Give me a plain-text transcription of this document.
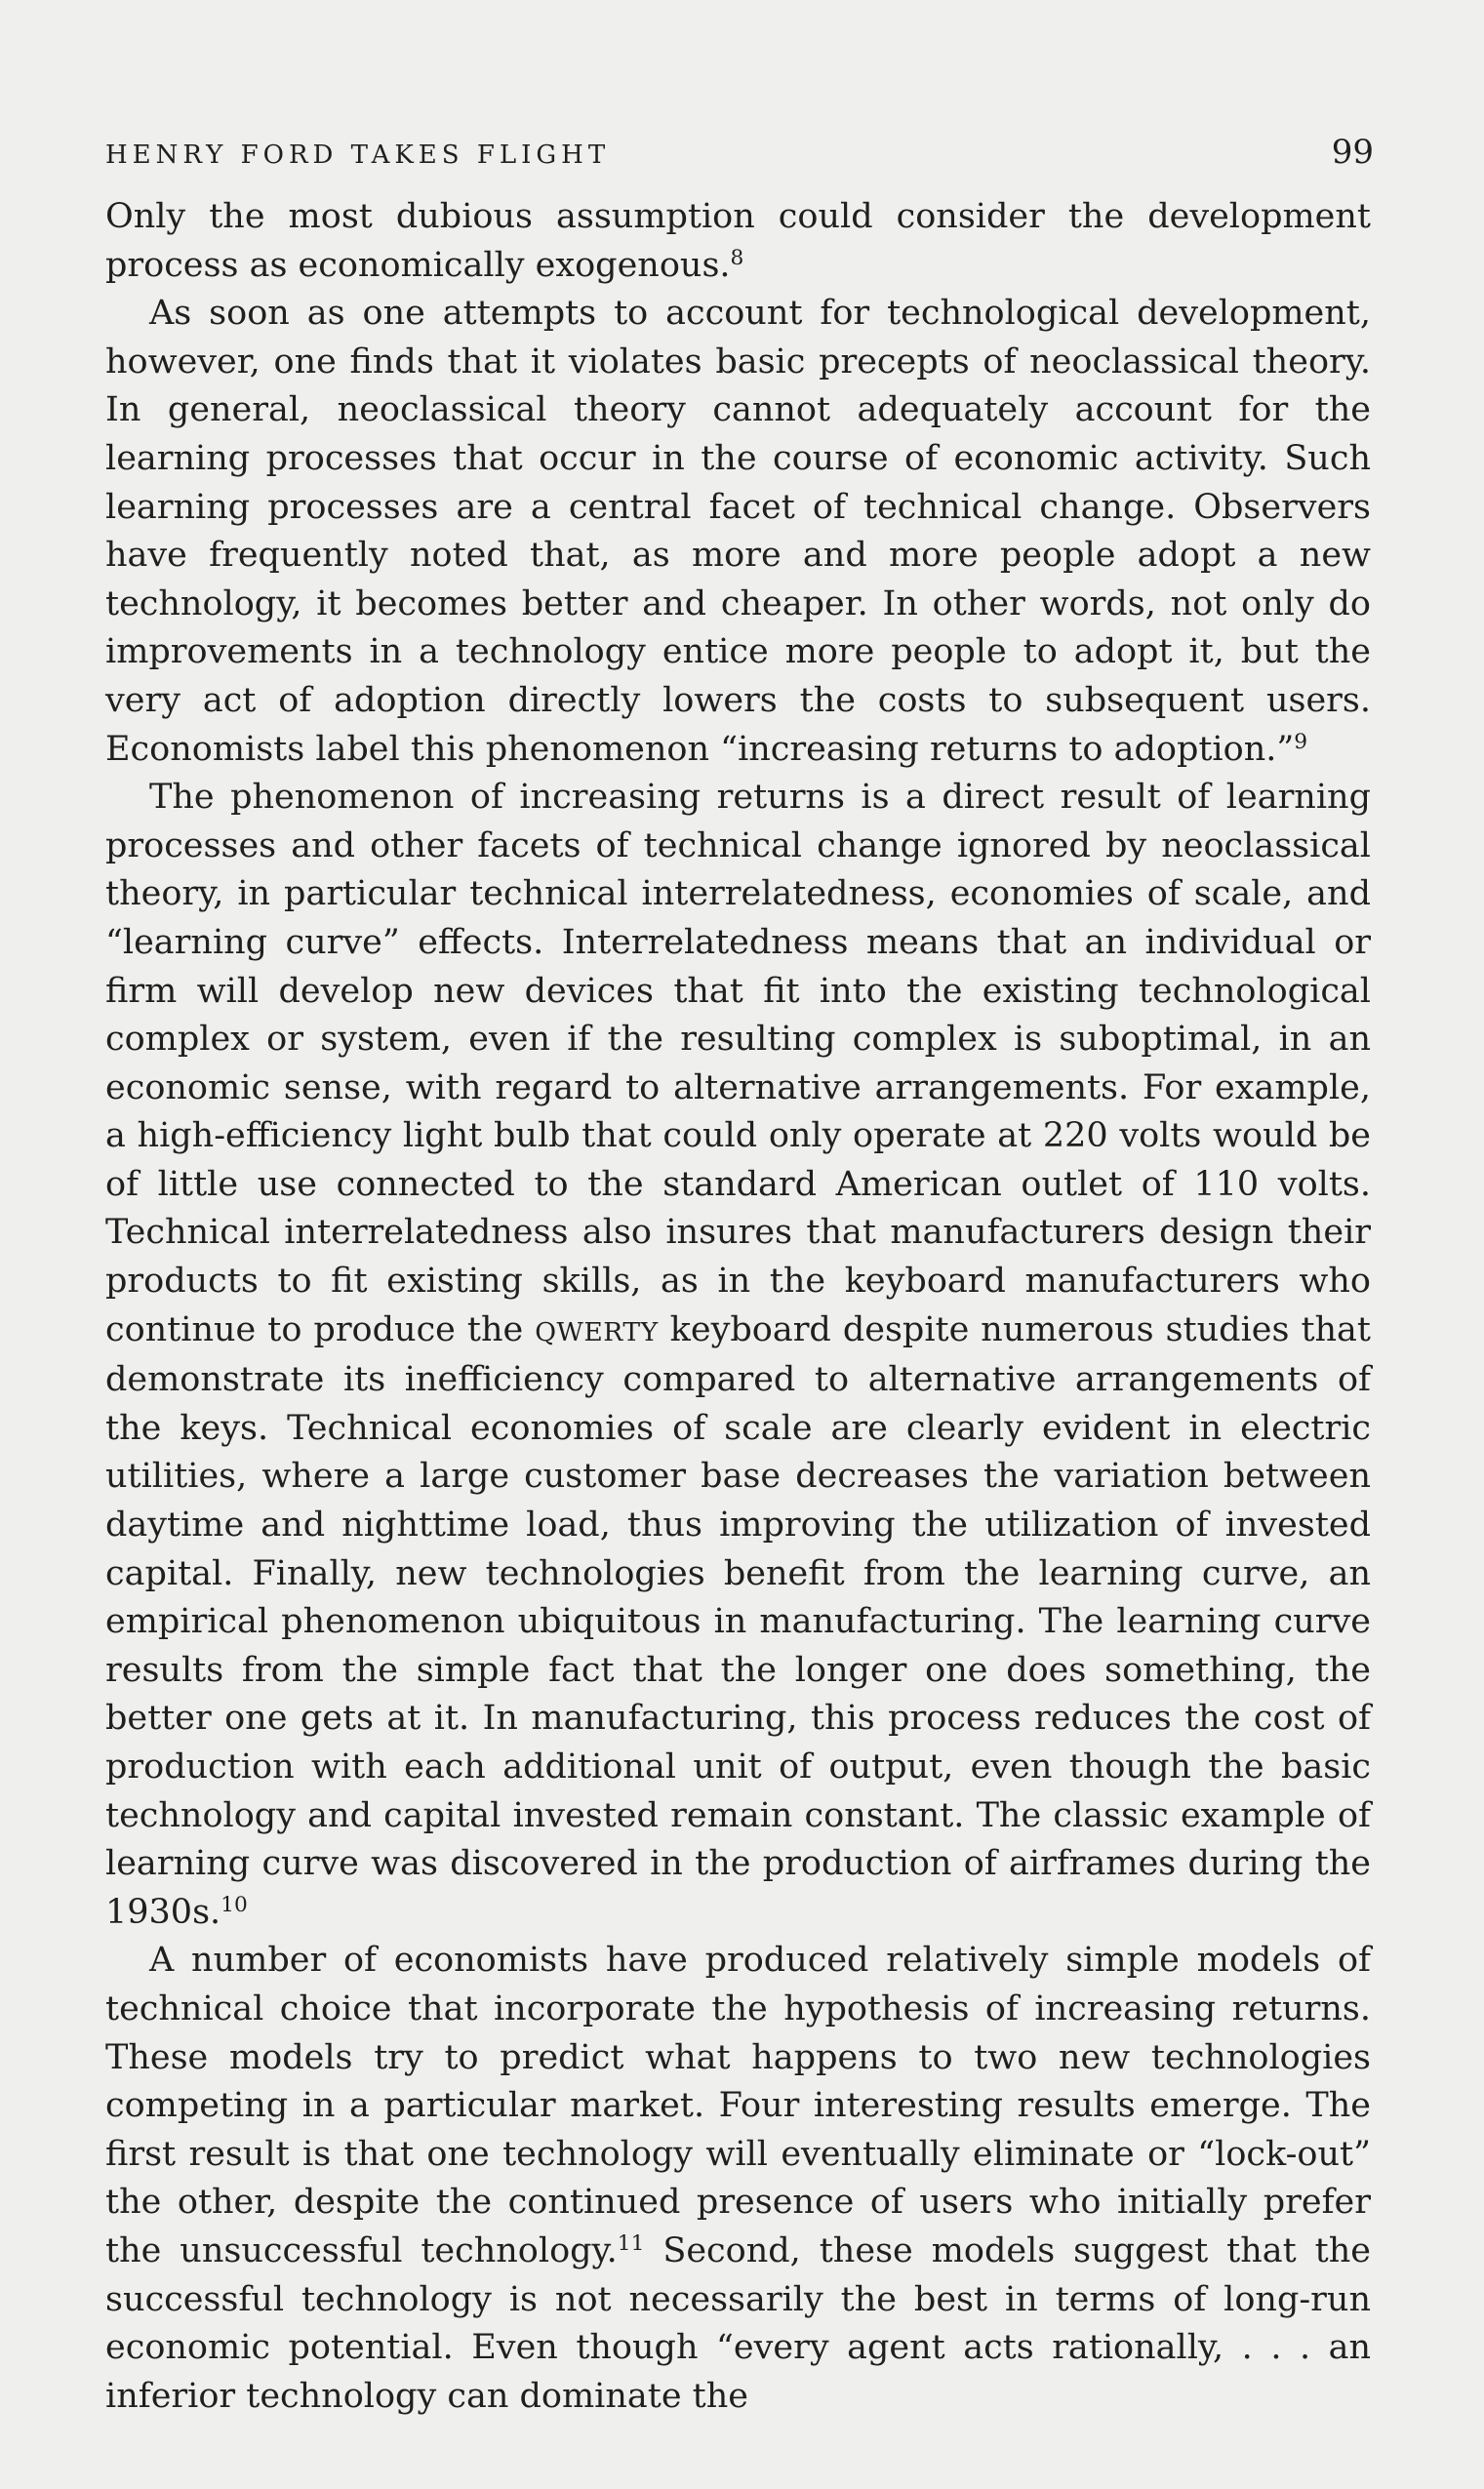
HENRY FORD TAKES FLIGHT	99

Only the most dubious assumption could consider the development process as economically exogenous.$^8$

As soon as one attempts to account for technological development, however, one finds that it violates basic precepts of neoclassical theory. In general, neoclassical theory cannot adequately account for the learning processes that occur in the course of economic activity. Such learning processes are a central facet of technical change. Observers have frequently noted that, as more and more people adopt a new technology, it becomes better and cheaper. In other words, not only do improvements in a technology entice more people to adopt it, but the very act of adoption directly lowers the costs to subsequent users. Economists label this phenomenon “increasing returns to adoption.”$^9$

The phenomenon of increasing returns is a direct result of learning processes and other facets of technical change ignored by neoclassical theory, in particular technical interrelatedness, economies of scale, and “learning curve” effects. Interrelatedness means that an individual or firm will develop new devices that fit into the existing technological complex or system, even if the resulting complex is suboptimal, in an economic sense, with regard to alternative arrangements. For example, a high-efficiency light bulb that could only operate at 220 volts would be of little use connected to the standard American outlet of 110 volts. Technical interrelatedness also insures that manufacturers design their products to fit existing skills, as in the keyboard manufacturers who continue to produce the QWERTY keyboard despite numerous studies that demonstrate its inefficiency compared to alternative arrangements of the keys. Technical economies of scale are clearly evident in electric utilities, where a large customer base decreases the variation between daytime and nighttime load, thus improving the utilization of invested capital. Finally, new technologies benefit from the learning curve, an empirical phenomenon ubiquitous in manufacturing. The learning curve results from the simple fact that the longer one does something, the better one gets at it. In manufacturing, this process reduces the cost of production with each additional unit of output, even though the basic technology and capital invested remain constant. The classic example of learning curve was discovered in the production of airframes during the 1930s.$^{10}$

A number of economists have produced relatively simple models of technical choice that incorporate the hypothesis of increasing returns. These models try to predict what happens to two new technologies competing in a particular market. Four interesting results emerge. The first result is that one technology will eventually eliminate or “lock-out” the other, despite the continued presence of users who initially prefer the unsuccessful technology.$^{11}$ Second, these models suggest that the successful technology is not necessarily the best in terms of long-run economic potential. Even though “every agent acts rationally, . . . an inferior technology can dominate the
